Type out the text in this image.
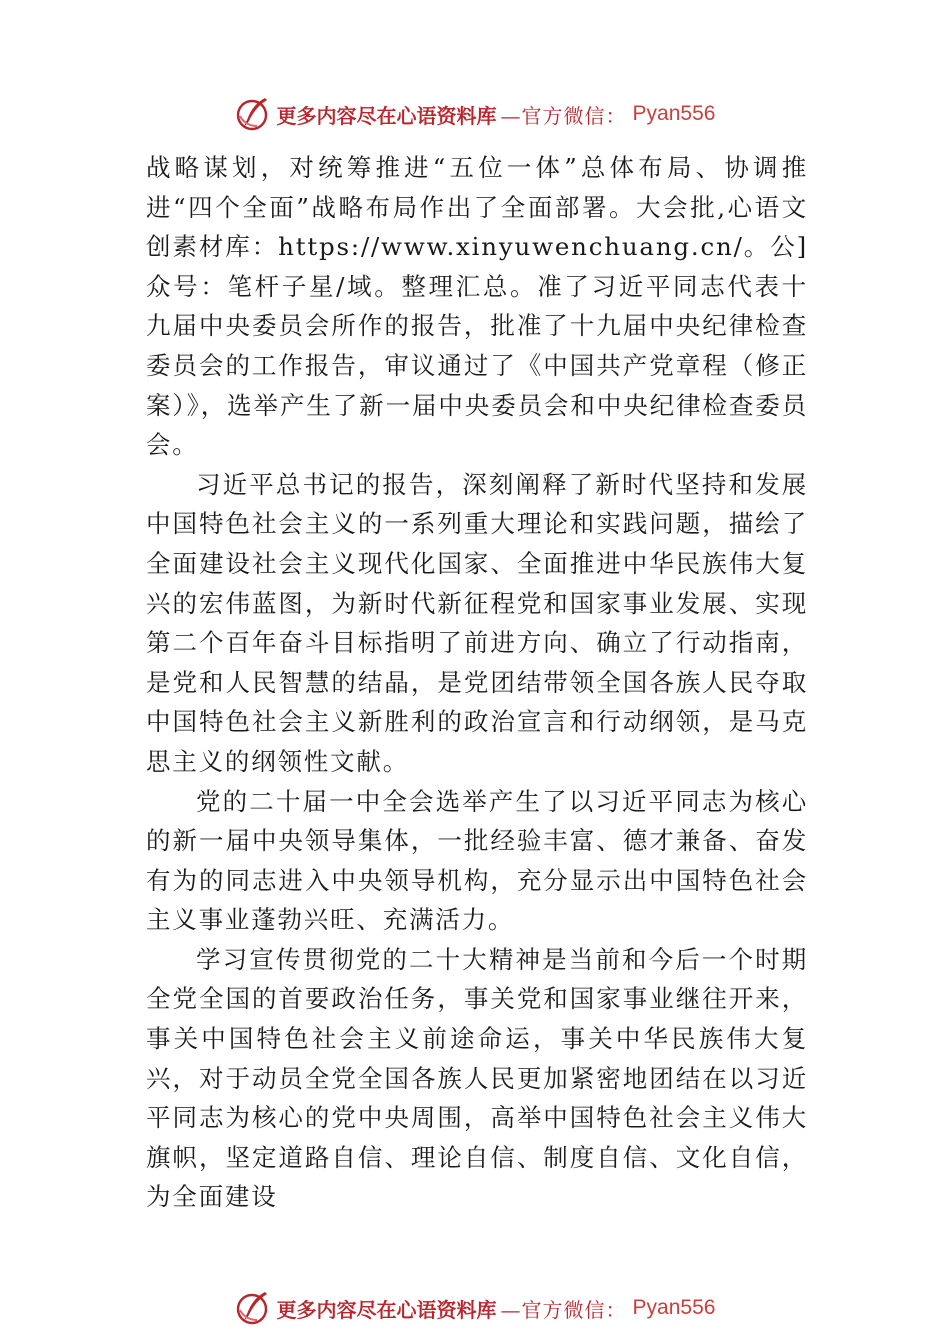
更多内容尽在心语资料库 —官方微信： Pyan556

战略谋划，对统筹推进“五位一体”总体布局、协调推进“四个全面”战略布局作出了全面部署。大会批,心语文创素材库：https://www.xinyuwenchuang.cn/。公]众号：笔杆子星/域。整理汇总。准了习近平同志代表十九届中央委员会所作的报告，批准了十九届中央纪律检查委员会的工作报告，审议通过了《中国共产党章程（修正案）》，选举产生了新一届中央委员会和中央纪律检查委员会。

习近平总书记的报告，深刻阐释了新时代坚持和发展中国特色社会主义的一系列重大理论和实践问题，描绘了全面建设社会主义现代化国家、全面推进中华民族伟大复兴的宏伟蓝图，为新时代新征程党和国家事业发展、实现第二个百年奋斗目标指明了前进方向、确立了行动指南，是党和人民智慧的结晶，是党团结带领全国各族人民夺取中国特色社会主义新胜利的政治宣言和行动纲领，是马克思主义的纲领性文献。

党的二十届一中全会选举产生了以习近平同志为核心的新一届中央领导集体，一批经验丰富、德才兼备、奋发有为的同志进入中央领导机构，充分显示出中国特色社会主义事业蓬勃兴旺、充满活力。

学习宣传贯彻党的二十大精神是当前和今后一个时期全党全国的首要政治任务，事关党和国家事业继往开来，事关中国特色社会主义前途命运，事关中华民族伟大复兴，对于动员全党全国各族人民更加紧密地团结在以习近平同志为核心的党中央周围，高举中国特色社会主义伟大旗帜，坚定道路自信、理论自信、制度自信、文化自信，为全面建设

更多内容尽在心语资料库 —官方微信： Pyan556
